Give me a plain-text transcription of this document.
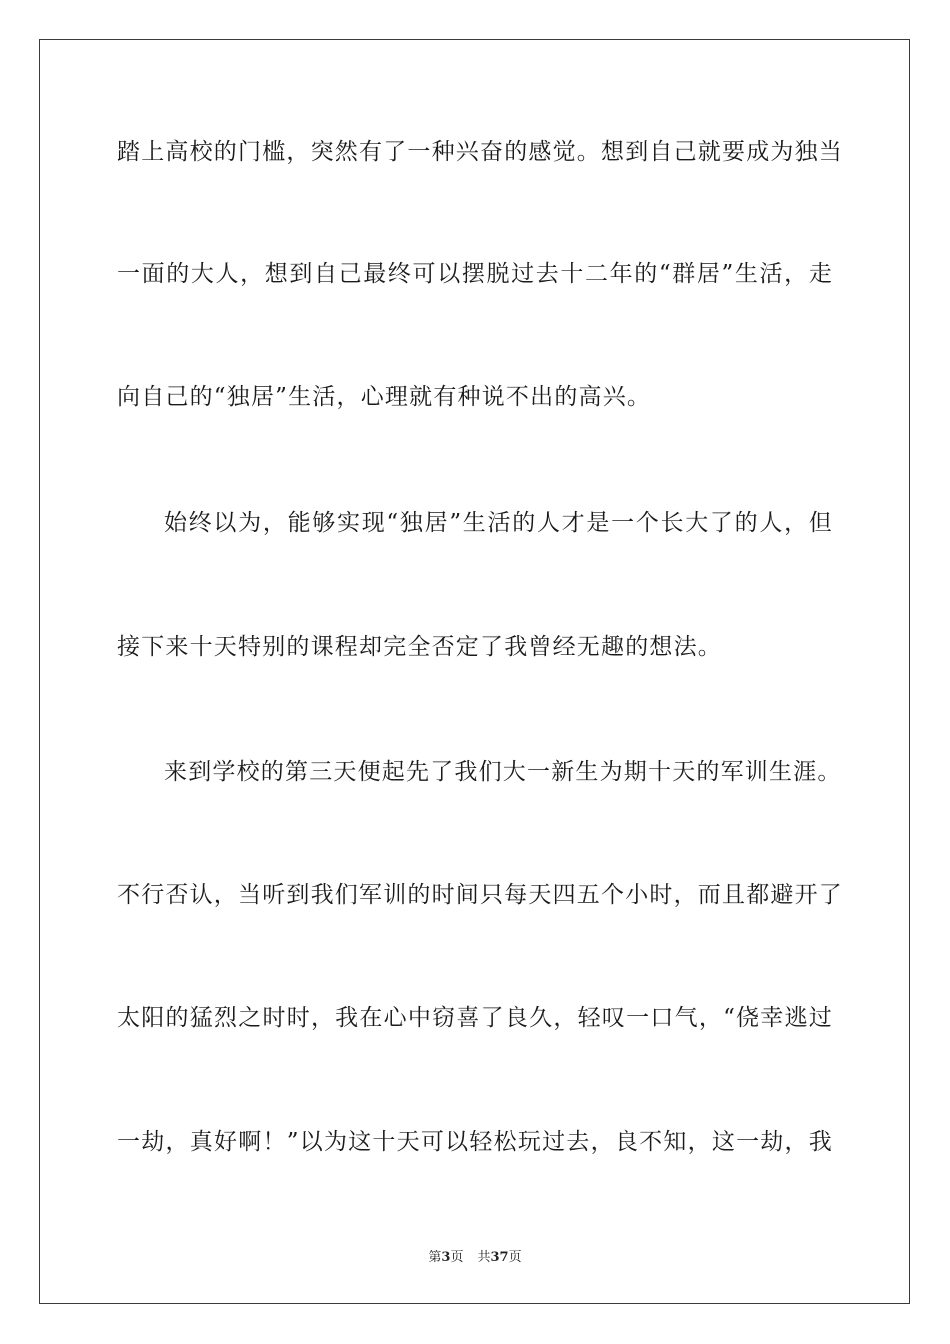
踏上高校的门槛，突然有了一种兴奋的感觉。想到自己就要成为独当
一面的大人，想到自己最终可以摆脱过去十二年的“群居”生活，走
向自己的“独居”生活，心理就有种说不出的高兴。
始终以为，能够实现“独居”生活的人才是一个长大了的人，但
接下来十天特别的课程却完全否定了我曾经无趣的想法。
来到学校的第三天便起先了我们大一新生为期十天的军训生涯。
不行否认，当听到我们军训的时间只每天四五个小时，而且都避开了
太阳的猛烈之时时，我在心中窃喜了良久，轻叹一口气，“侥幸逃过
一劫，真好啊！”以为这十天可以轻松玩过去，良不知，这一劫，我
第3页 共37页
